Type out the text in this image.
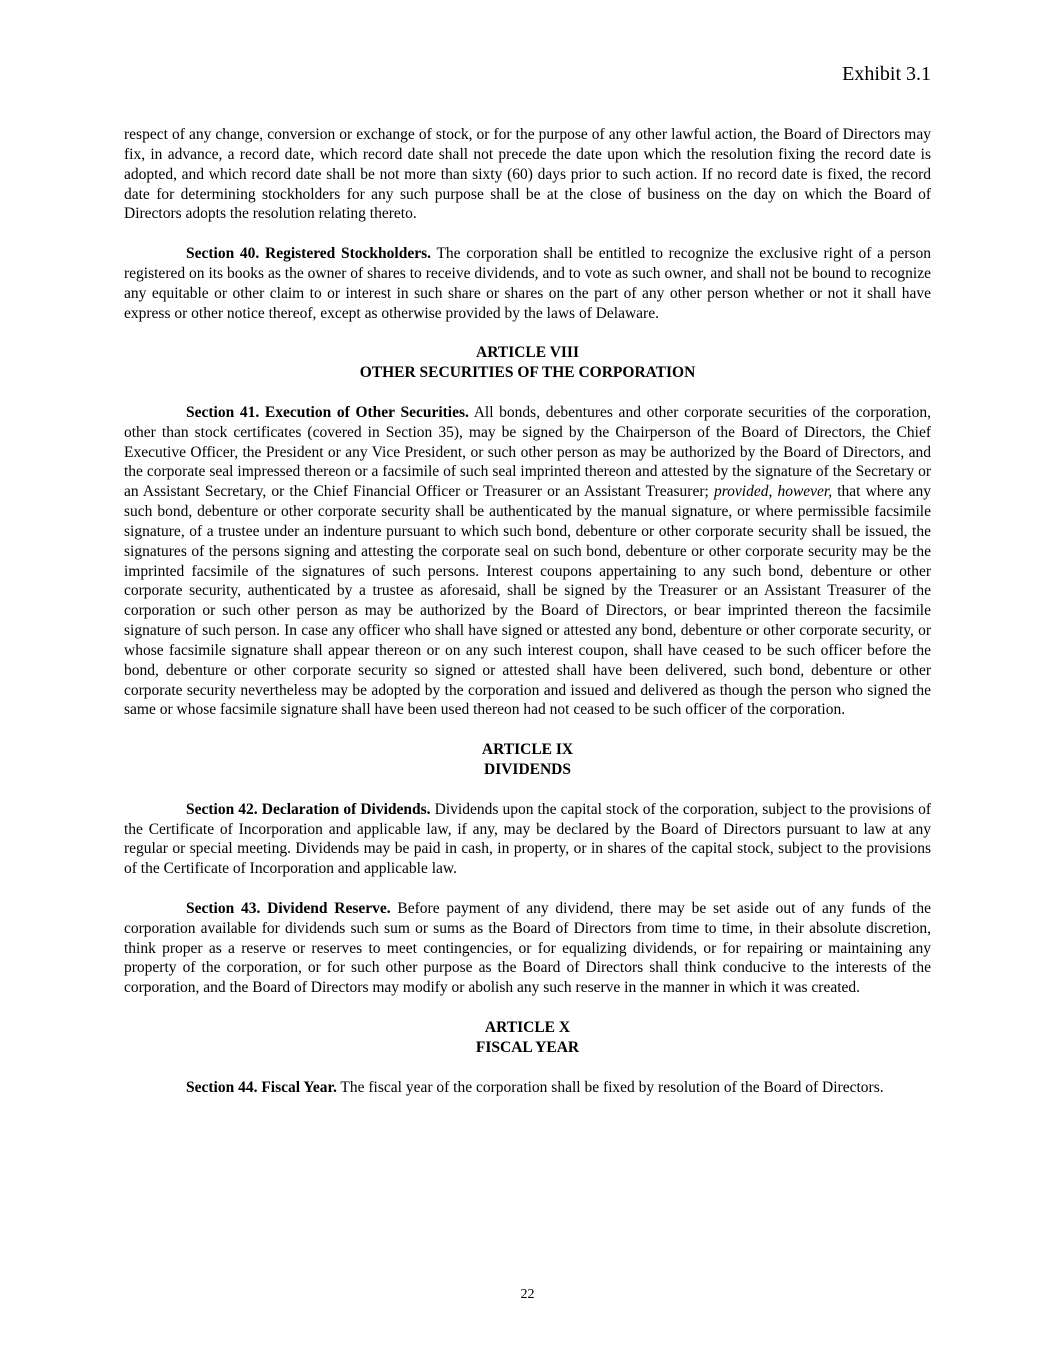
Exhibit 3.1

respect of any change, conversion or exchange of stock, or for the purpose of any other lawful action, the Board of Directors may fix, in advance, a record date, which record date shall not precede the date upon which the resolution fixing the record date is adopted, and which record date shall be not more than sixty (60) days prior to such action. If no record date is fixed, the record date for determining stockholders for any such purpose shall be at the close of business on the day on which the Board of Directors adopts the resolution relating thereto.

Section 40. Registered Stockholders. The corporation shall be entitled to recognize the exclusive right of a person registered on its books as the owner of shares to receive dividends, and to vote as such owner, and shall not be bound to recognize any equitable or other claim to or interest in such share or shares on the part of any other person whether or not it shall have express or other notice thereof, except as otherwise provided by the laws of Delaware.

ARTICLE VIII
OTHER SECURITIES OF THE CORPORATION

Section 41. Execution of Other Securities. All bonds, debentures and other corporate securities of the corporation, other than stock certificates (covered in Section 35), may be signed by the Chairperson of the Board of Directors, the Chief Executive Officer, the President or any Vice President, or such other person as may be authorized by the Board of Directors, and the corporate seal impressed thereon or a facsimile of such seal imprinted thereon and attested by the signature of the Secretary or an Assistant Secretary, or the Chief Financial Officer or Treasurer or an Assistant Treasurer; provided, however, that where any such bond, debenture or other corporate security shall be authenticated by the manual signature, or where permissible facsimile signature, of a trustee under an indenture pursuant to which such bond, debenture or other corporate security shall be issued, the signatures of the persons signing and attesting the corporate seal on such bond, debenture or other corporate security may be the imprinted facsimile of the signatures of such persons. Interest coupons appertaining to any such bond, debenture or other corporate security, authenticated by a trustee as aforesaid, shall be signed by the Treasurer or an Assistant Treasurer of the corporation or such other person as may be authorized by the Board of Directors, or bear imprinted thereon the facsimile signature of such person. In case any officer who shall have signed or attested any bond, debenture or other corporate security, or whose facsimile signature shall appear thereon or on any such interest coupon, shall have ceased to be such officer before the bond, debenture or other corporate security so signed or attested shall have been delivered, such bond, debenture or other corporate security nevertheless may be adopted by the corporation and issued and delivered as though the person who signed the same or whose facsimile signature shall have been used thereon had not ceased to be such officer of the corporation.

ARTICLE IX
DIVIDENDS

Section 42. Declaration of Dividends. Dividends upon the capital stock of the corporation, subject to the provisions of the Certificate of Incorporation and applicable law, if any, may be declared by the Board of Directors pursuant to law at any regular or special meeting. Dividends may be paid in cash, in property, or in shares of the capital stock, subject to the provisions of the Certificate of Incorporation and applicable law.

Section 43. Dividend Reserve. Before payment of any dividend, there may be set aside out of any funds of the corporation available for dividends such sum or sums as the Board of Directors from time to time, in their absolute discretion, think proper as a reserve or reserves to meet contingencies, or for equalizing dividends, or for repairing or maintaining any property of the corporation, or for such other purpose as the Board of Directors shall think conducive to the interests of the corporation, and the Board of Directors may modify or abolish any such reserve in the manner in which it was created.

ARTICLE X
FISCAL YEAR

Section 44. Fiscal Year. The fiscal year of the corporation shall be fixed by resolution of the Board of Directors.

22
